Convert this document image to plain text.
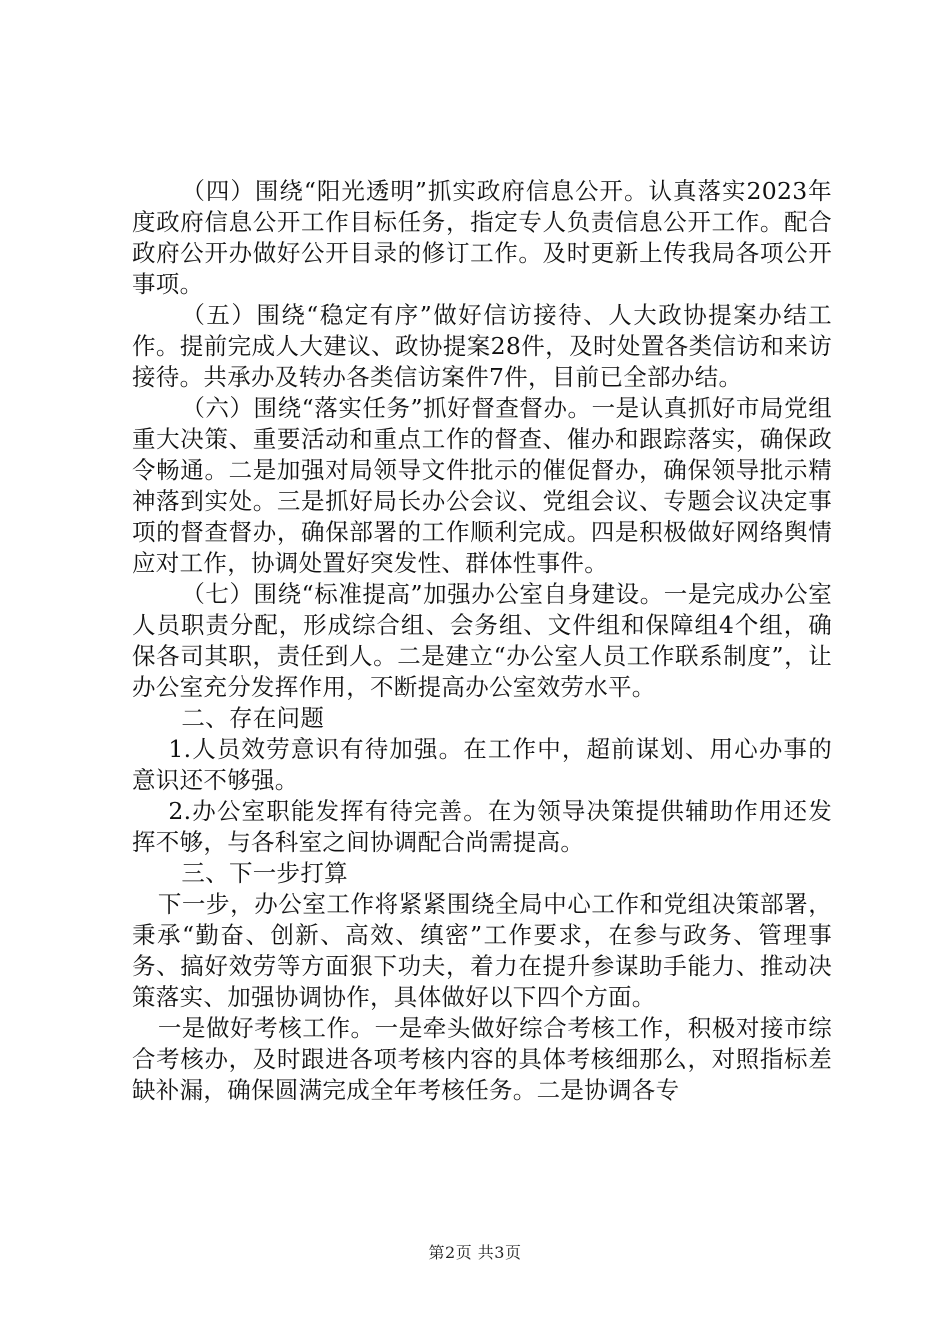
（四）围绕“阳光透明”抓实政府信息公开。认真落实2023年度政府信息公开工作目标任务，指定专人负责信息公开工作。配合政府公开办做好公开目录的修订工作。及时更新上传我局各项公开事项。

（五）围绕“稳定有序”做好信访接待、人大政协提案办结工作。提前完成人大建议、政协提案28件，及时处置各类信访和来访接待。共承办及转办各类信访案件7件，目前已全部办结。

（六）围绕“落实任务”抓好督查督办。一是认真抓好市局党组重大决策、重要活动和重点工作的督查、催办和跟踪落实，确保政令畅通。二是加强对局领导文件批示的催促督办，确保领导批示精神落到实处。三是抓好局长办公会议、党组会议、专题会议决定事项的督查督办，确保部署的工作顺利完成。四是积极做好网络舆情应对工作，协调处置好突发性、群体性事件。

（七）围绕“标准提高”加强办公室自身建设。一是完成办公室人员职责分配，形成综合组、会务组、文件组和保障组4个组，确保各司其职，责任到人。二是建立“办公室人员工作联系制度”，让办公室充分发挥作用，不断提高办公室效劳水平。

二、存在问题

1.人员效劳意识有待加强。在工作中，超前谋划、用心办事的意识还不够强。

2.办公室职能发挥有待完善。在为领导决策提供辅助作用还发挥不够，与各科室之间协调配合尚需提高。

三、下一步打算

下一步，办公室工作将紧紧围绕全局中心工作和党组决策部署，秉承“勤奋、创新、高效、缜密”工作要求，在参与政务、管理事务、搞好效劳等方面狠下功夫，着力在提升参谋助手能力、推动决策落实、加强协调协作，具体做好以下四个方面。

一是做好考核工作。一是牵头做好综合考核工作，积极对接市综合考核办，及时跟进各项考核内容的具体考核细那么，对照指标差缺补漏，确保圆满完成全年考核任务。二是协调各专

第2页 共3页
